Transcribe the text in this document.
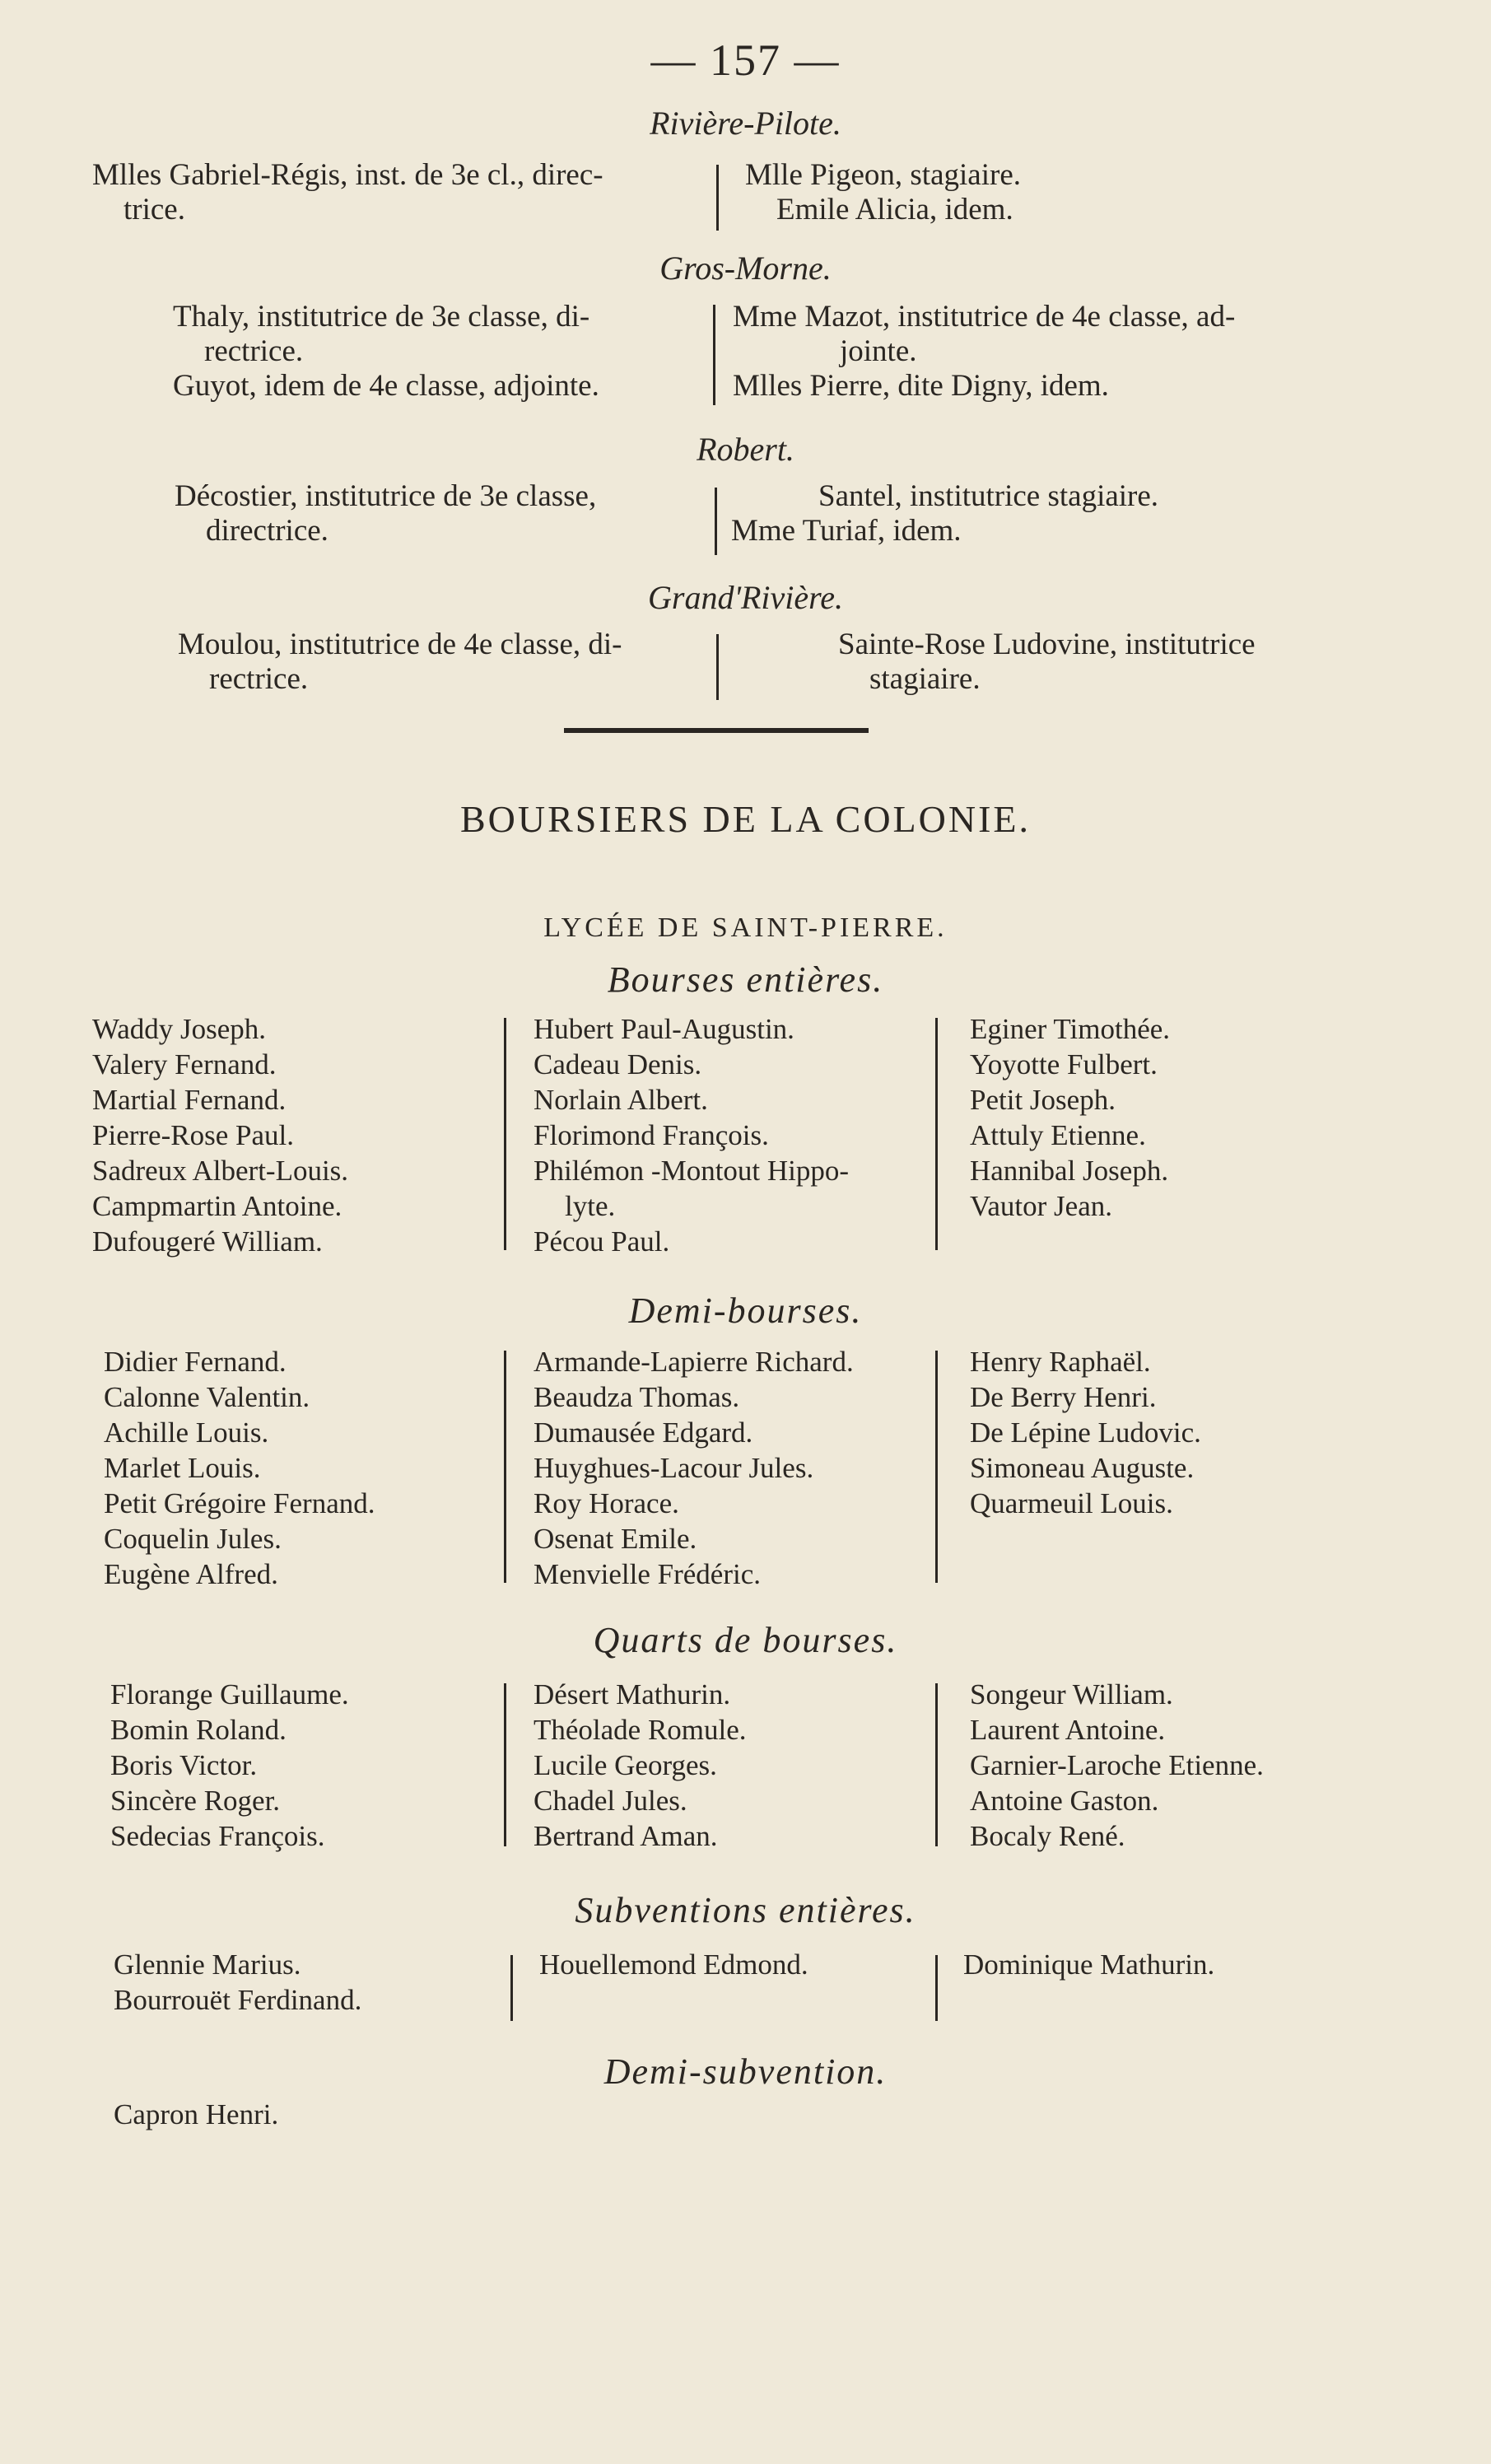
— 157 —
Rivière-Pilote.
Mlles Gabriel-Régis, inst. de 3e cl., direc-
trice.
Mlle Pigeon, stagiaire.
Emile Alicia, idem.
Gros-Morne.
Thaly, institutrice de 3e classe, di-
rectrice.
Guyot, idem de 4e classe, adjointe.
Mme Mazot, institutrice de 4e classe, ad-
jointe.
Mlles Pierre, dite Digny, idem.
Robert.
Décostier, institutrice de 3e classe,
directrice.
Santel, institutrice stagiaire.
Mme Turiaf, idem.
Grand'Rivière.
Moulou, institutrice de 4e classe, di-
rectrice.
Sainte-Rose Ludovine, institutrice
stagiaire.
BOURSIERS DE LA COLONIE.
LYCÉE DE SAINT-PIERRE.
Bourses entières.
Waddy Joseph.
Valery Fernand.
Martial Fernand.
Pierre-Rose Paul.
Sadreux Albert-Louis.
Campmartin Antoine.
Dufougeré William.
Hubert Paul-Augustin.
Cadeau Denis.
Norlain Albert.
Florimond François.
Philémon -Montout Hippo-
lyte.
Pécou Paul.
Eginer Timothée.
Yoyotte Fulbert.
Petit Joseph.
Attuly Etienne.
Hannibal Joseph.
Vautor Jean.
Demi-bourses.
Didier Fernand.
Calonne Valentin.
Achille Louis.
Marlet Louis.
Petit Grégoire Fernand.
Coquelin Jules.
Eugène Alfred.
Armande-Lapierre Richard.
Beaudza Thomas.
Dumausée Edgard.
Huyghues-Lacour Jules.
Roy Horace.
Osenat Emile.
Menvielle Frédéric.
Henry Raphaël.
De Berry Henri.
De Lépine Ludovic.
Simoneau Auguste.
Quarmeuil Louis.
Quarts de bourses.
Florange Guillaume.
Bomin Roland.
Boris Victor.
Sincère Roger.
Sedecias François.
Désert Mathurin.
Théolade Romule.
Lucile Georges.
Chadel Jules.
Bertrand Aman.
Songeur William.
Laurent Antoine.
Garnier-Laroche Etienne.
Antoine Gaston.
Bocaly René.
Subventions entières.
Glennie Marius.
Bourrouët Ferdinand.
Houellemond Edmond.	Dominique Mathurin.
Demi-subvention.
Capron Henri.
